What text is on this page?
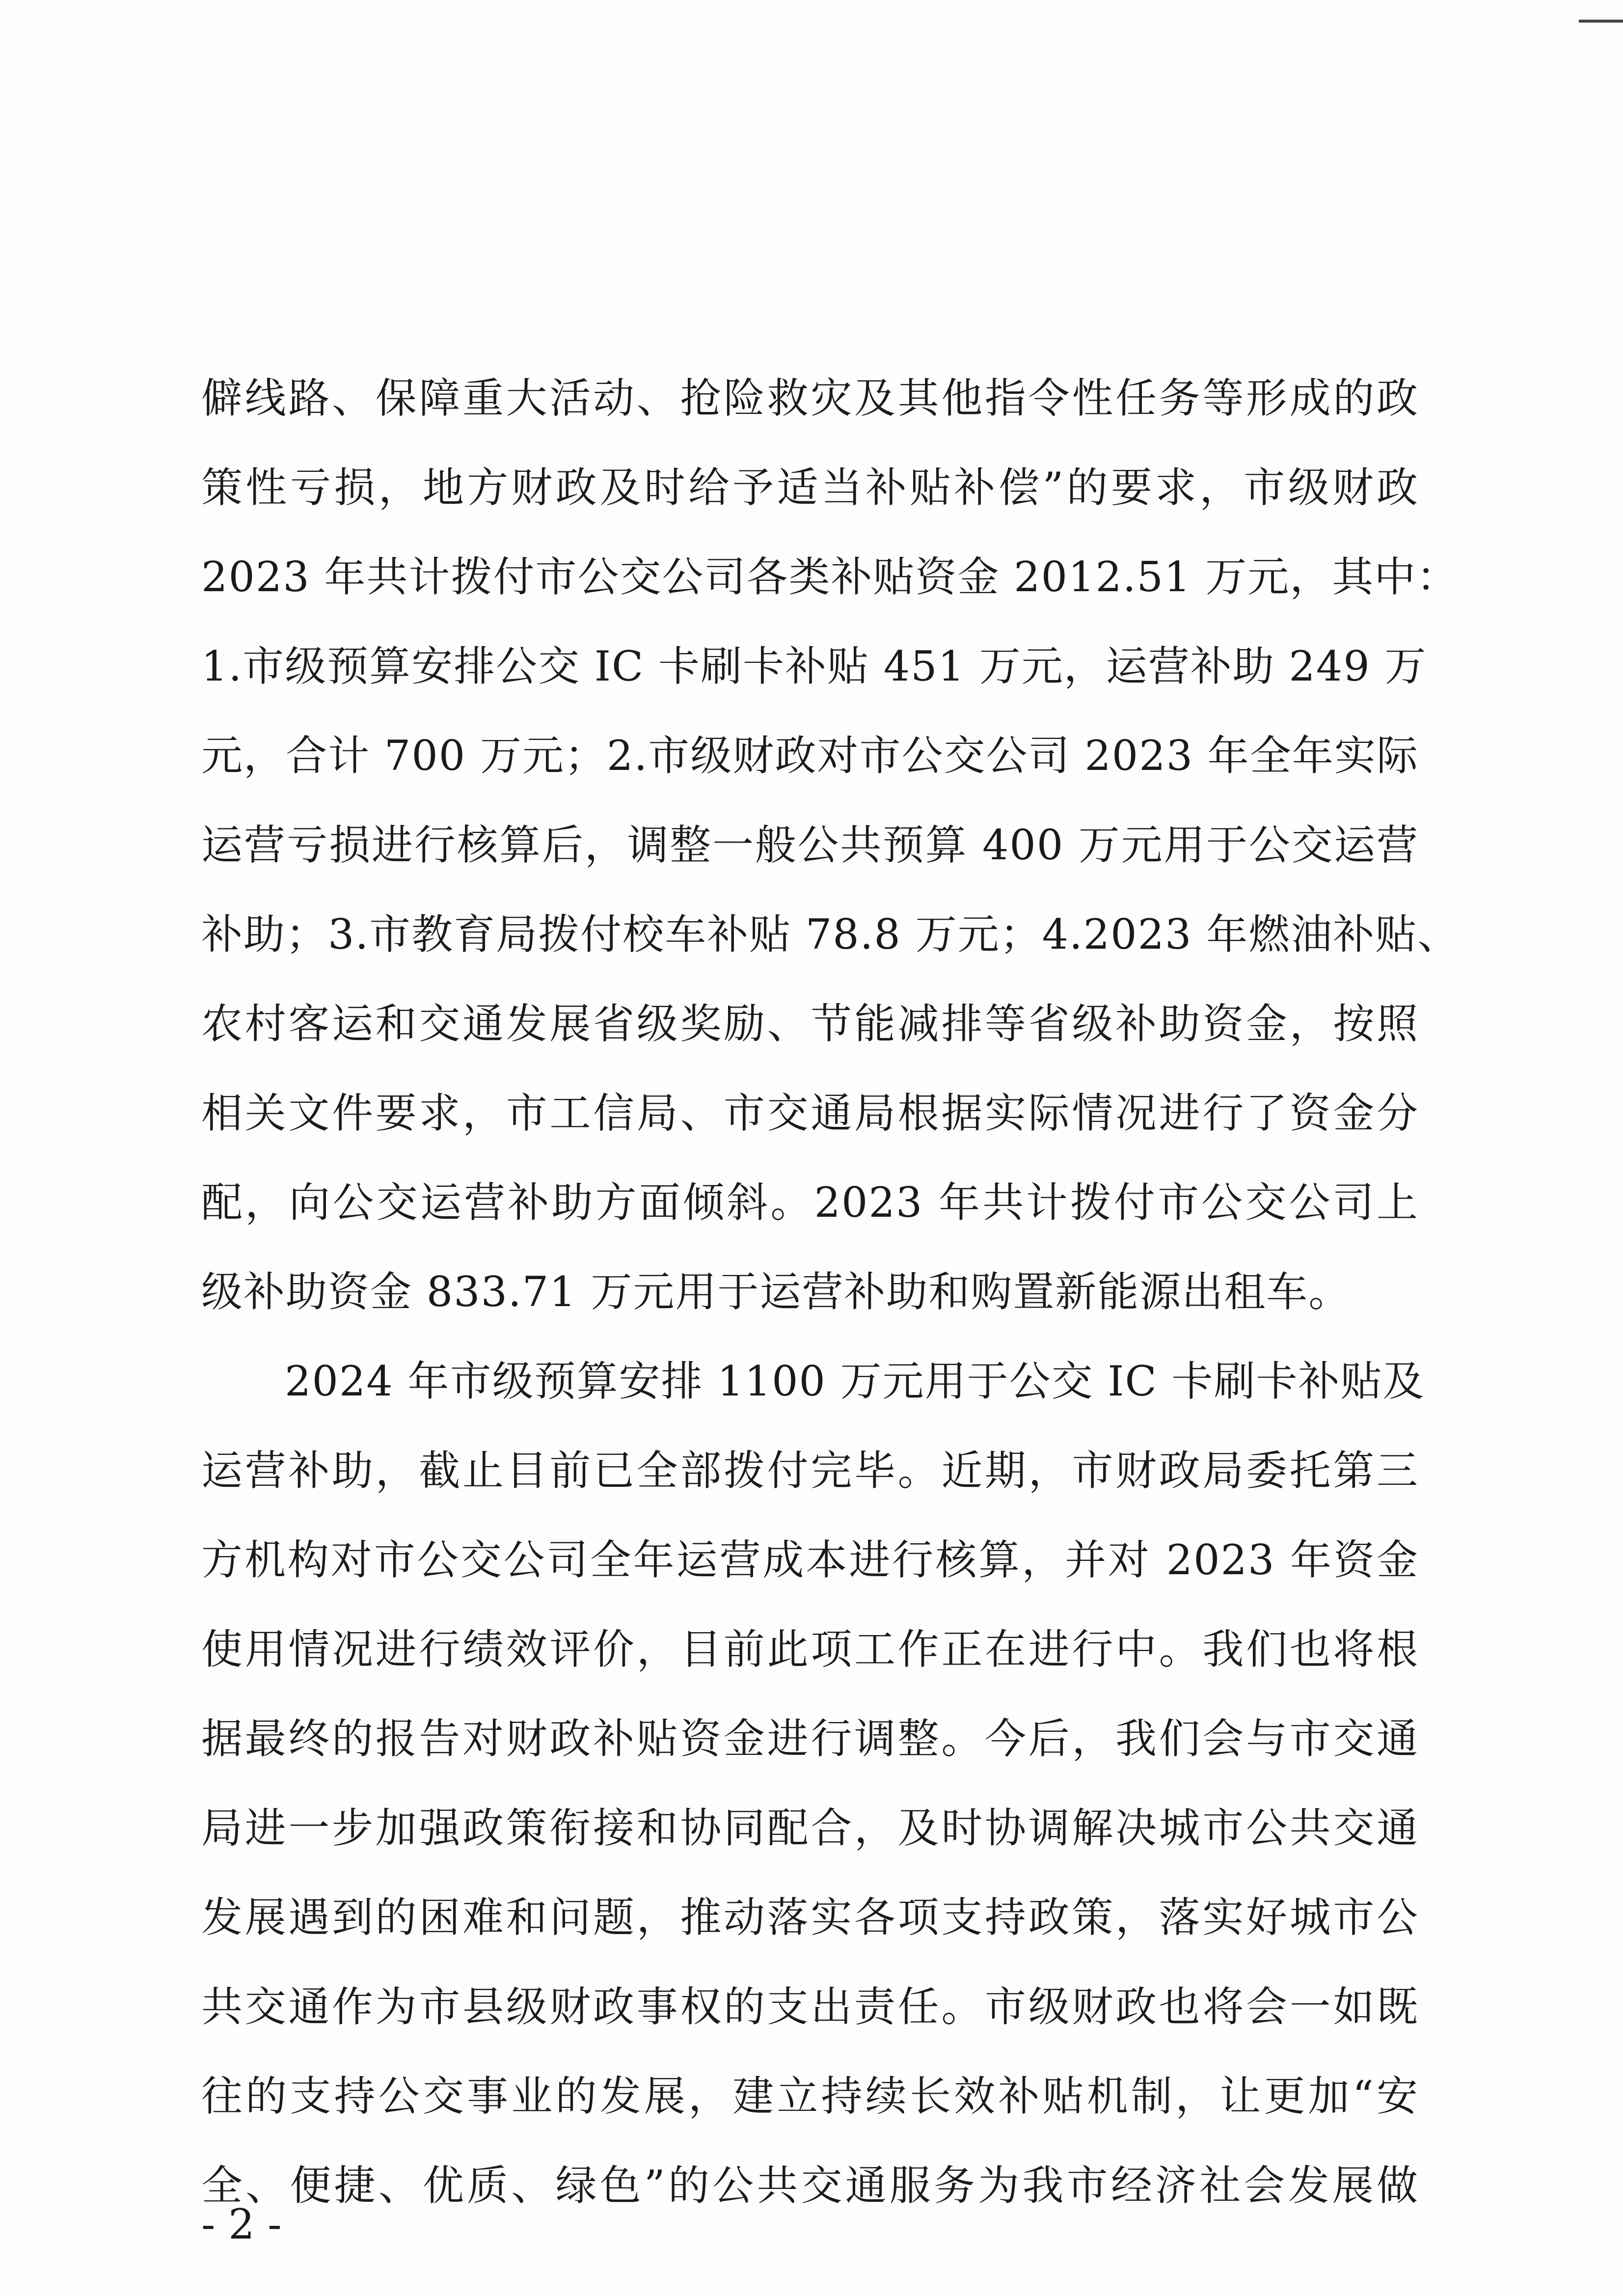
僻线路、保障重大活动、抢险救灾及其他指令性任务等形成的政
策性亏损，地方财政及时给予适当补贴补偿”的要求，市级财政
2023 年共计拨付市公交公司各类补贴资金 2012.51 万元，其中：
1.市级预算安排公交 IC 卡刷卡补贴 451 万元，运营补助 249 万
元，合计 700 万元；2.市级财政对市公交公司 2023 年全年实际
运营亏损进行核算后，调整一般公共预算 400 万元用于公交运营
补助；3.市教育局拨付校车补贴 78.8 万元；4.2023 年燃油补贴、
农村客运和交通发展省级奖励、节能减排等省级补助资金，按照
相关文件要求，市工信局、市交通局根据实际情况进行了资金分
配，向公交运营补助方面倾斜。2023 年共计拨付市公交公司上
级补助资金 833.71 万元用于运营补助和购置新能源出租车。
2024 年市级预算安排 1100 万元用于公交 IC 卡刷卡补贴及
运营补助，截止目前已全部拨付完毕。近期，市财政局委托第三
方机构对市公交公司全年运营成本进行核算，并对 2023 年资金
使用情况进行绩效评价，目前此项工作正在进行中。我们也将根
据最终的报告对财政补贴资金进行调整。今后，我们会与市交通
局进一步加强政策衔接和协同配合，及时协调解决城市公共交通
发展遇到的困难和问题，推动落实各项支持政策，落实好城市公
共交通作为市县级财政事权的支出责任。市级财政也将会一如既
往的支持公交事业的发展，建立持续长效补贴机制，让更加“安
全、便捷、优质、绿色”的公共交通服务为我市经济社会发展做
- 2 -
